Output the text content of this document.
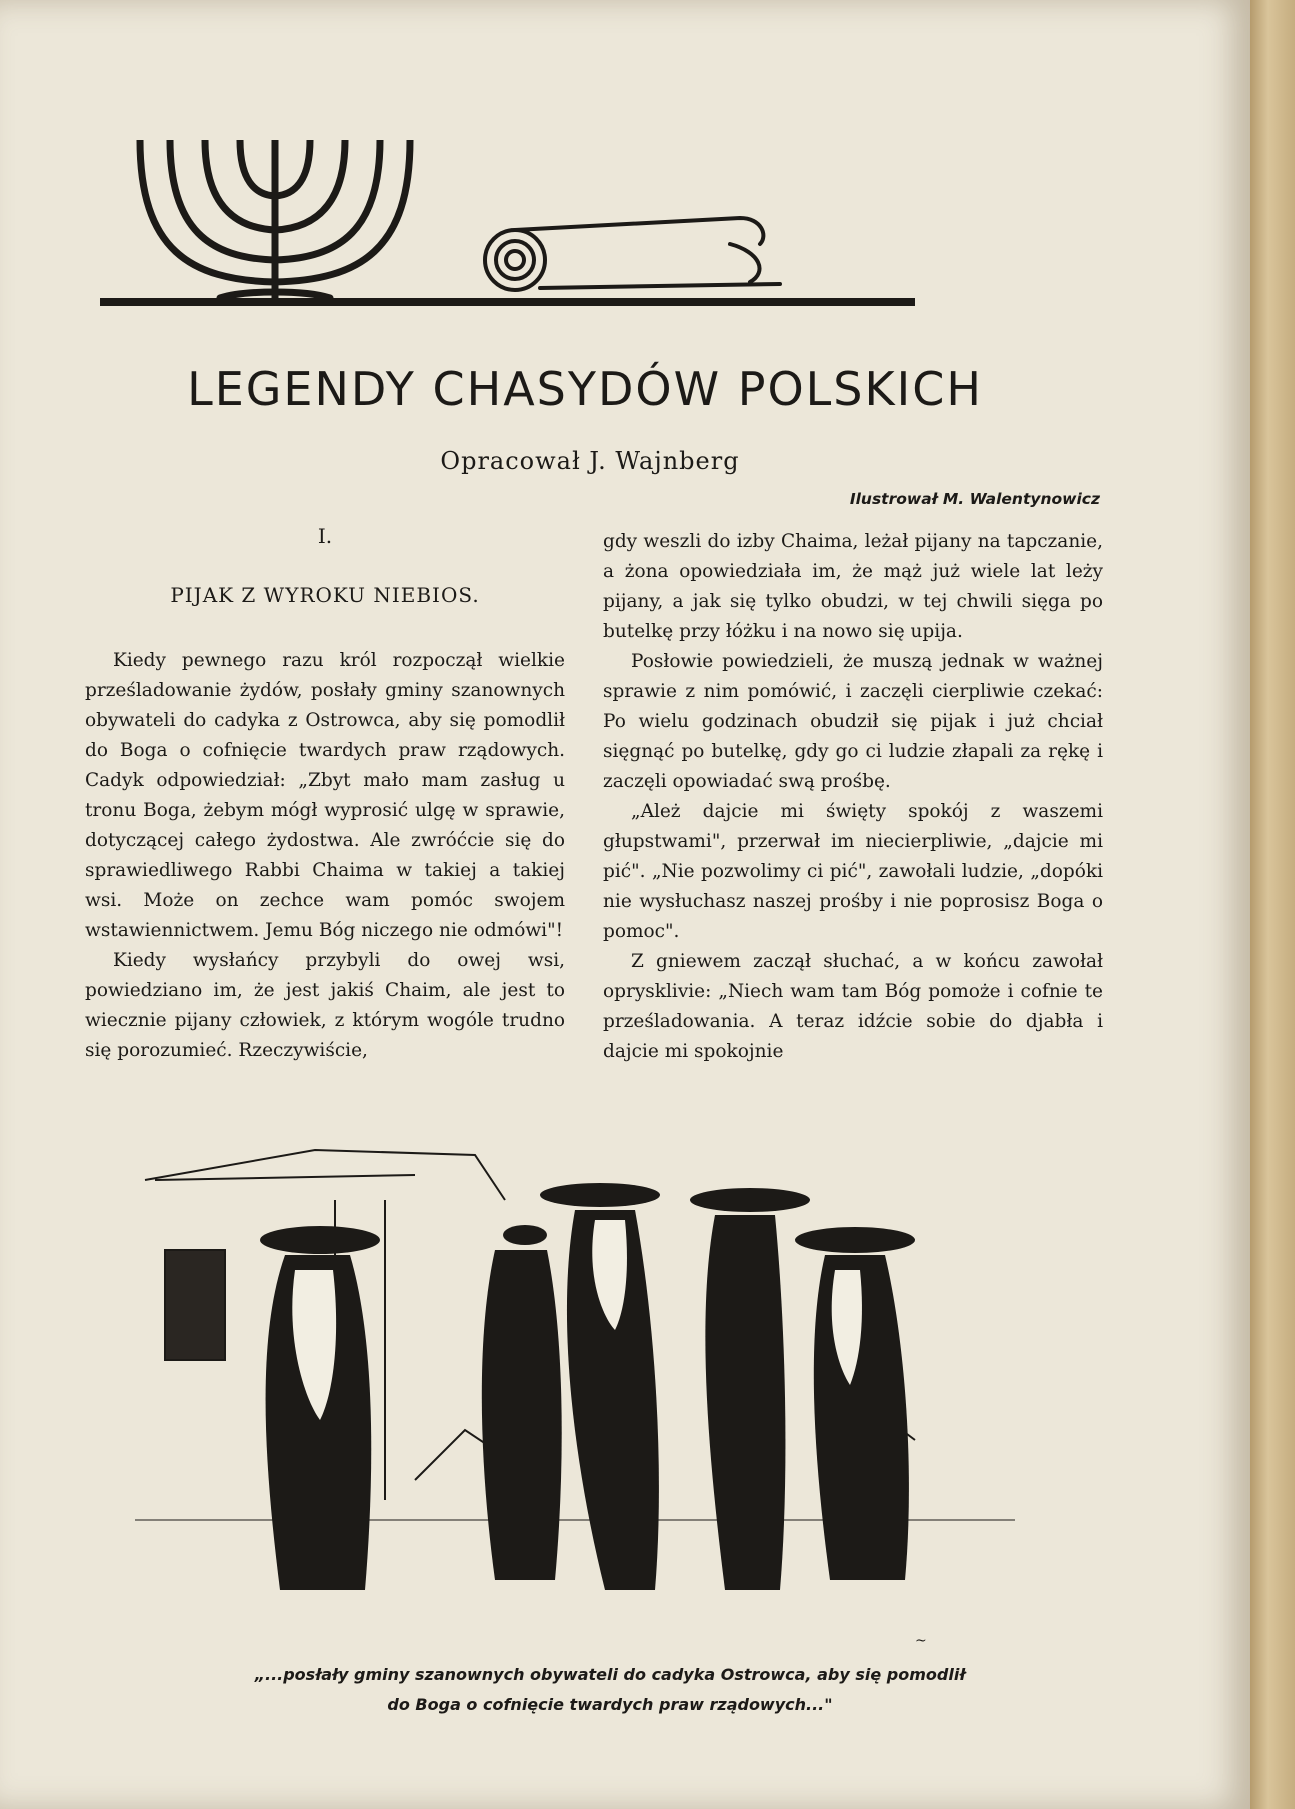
LEGENDY CHASYDÓW POLSKICH
Opracował J. Wajnberg
Ilustrował M. Walentynowicz
I.
PIJAK Z WYROKU NIEBIOS.

Kiedy pewnego razu król rozpoczął wielkie prześladowanie żydów, posłały gminy szanownych obywateli do cadyka z Ostrowca, aby się pomodlił do Boga o cofnięcie twardych praw rządowych. Cadyk odpowiedział: „Zbyt mało mam zasług u tronu Boga, żebym mógł wyprosić ulgę w sprawie, dotyczącej całego żydostwa. Ale zwróćcie się do sprawiedliwego Rabbi Chaima w takiej a takiej wsi. Może on zechce wam pomóc swojem wstawiennictwem. Jemu Bóg niczego nie odmówi"!

Kiedy wysłańcy przybyli do owej wsi, powiedziano im, że jest jakiś Chaim, ale jest to wiecznie pijany człowiek, z którym wogóle trudno się porozumieć. Rzeczywiście,

gdy weszli do izby Chaima, leżał pijany na tapczanie, a żona opowiedziała im, że mąż już wiele lat leży pijany, a jak się tylko obudzi, w tej chwili sięga po butelkę przy łóżku i na nowo się upija.

Posłowie powiedzieli, że muszą jednak w ważnej sprawie z nim pomówić, i zaczęli cierpliwie czekać: Po wielu godzinach obudził się pijak i już chciał sięgnąć po butelkę, gdy go ci ludzie złapali za rękę i zaczęli opowiadać swą prośbę.

„Ależ dajcie mi święty spokój z waszemi głupstwami", przerwał im niecierpliwie, „dajcie mi pić". „Nie pozwolimy ci pić", zawołali ludzie, „dopóki nie wysłuchasz naszej prośby i nie poprosisz Boga o pomoc".

Z gniewem zaczął słuchać, a w końcu zawołał oprysklivie: „Niech wam tam Bóg pomoże i cofnie te prześladowania. A teraz idźcie sobie do djabła i dajcie mi spokojnie

~
„...posłały gminy szanownych obywateli do cadyka Ostrowca, aby się pomodlił
do Boga o cofnięcie twardych praw rządowych..."
